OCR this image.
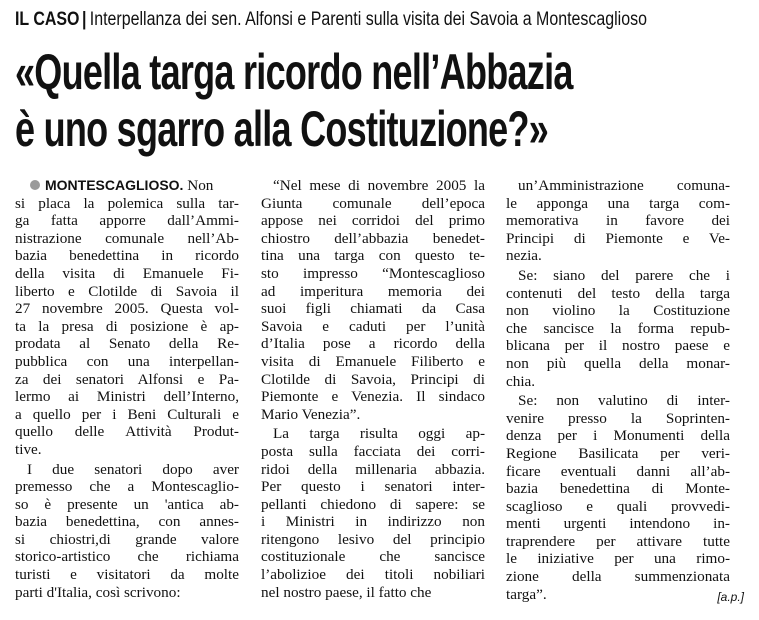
IL CASO | Interpellanza dei sen. Alfonsi e Parenti sulla visita dei Savoia a Montescaglioso
«Quella targa ricordo nell’Abbazia
è uno sgarro alla Costituzione?»

MONTESCAGLIOSO. Non
si placa la polemica sulla tar-
ga fatta apporre dall’Ammi-
nistrazione comunale nell’Ab-
bazia benedettina in ricordo
della visita di Emanuele Fi-
liberto e Clotilde di Savoia il
27 novembre 2005. Questa vol-
ta la presa di posizione è ap-
prodata al Senato della Re-
pubblica con una interpellan-
za dei senatori Alfonsi e Pa-
lermo ai Ministri dell’Interno,
a quello per i Beni Culturali e
quello delle Attività Produt-
tive.

I due senatori dopo aver
premesso che a Montescaglio-
so è presente un 'antica ab-
bazia benedettina, con annes-
si chiostri,di grande valore
storico-artistico che richiama
turisti e visitatori da molte
parti d'Italia, così scrivono:

“Nel mese di novembre 2005 la
Giunta comunale dell’epoca
appose nei corridoi del primo
chiostro dell’abbazia benedet-
tina una targa con questo te-
sto impresso “Montescaglioso
ad imperitura memoria dei
suoi figli chiamati da Casa
Savoia e caduti per l’unità
d’Italia pose a ricordo della
visita di Emanuele Filiberto e
Clotilde di Savoia, Principi di
Piemonte e Venezia. Il sindaco
Mario Venezia”.

La targa risulta oggi ap-
posta sulla facciata dei corri-
ridoi della millenaria abbazia.
Per questo i senatori inter-
pellanti chiedono di sapere: se
i Ministri in indirizzo non
ritengono lesivo del principio
costituzionale che sancisce
l’abolizioe dei titoli nobiliari
nel nostro paese, il fatto che

un’Amministrazione comuna-
le apponga una targa com-
memorativa in favore dei
Principi di Piemonte e Ve-
nezia.

Se: siano del parere che i
contenuti del testo della targa
non violino la Costituzione
che sancisce la forma repub-
blicana per il nostro paese e
non più quella della monar-
chia.

Se: non valutino di inter-
venire presso la Soprinten-
denza per i Monumenti della
Regione Basilicata per veri-
ficare eventuali danni all’ab-
bazia benedettina di Monte-
scaglioso e quali provvedi-
menti urgenti intendono in-
traprendere per attivare tutte
le iniziative per una rimo-
zione della summenzionata
targa”.	[a.p.]
